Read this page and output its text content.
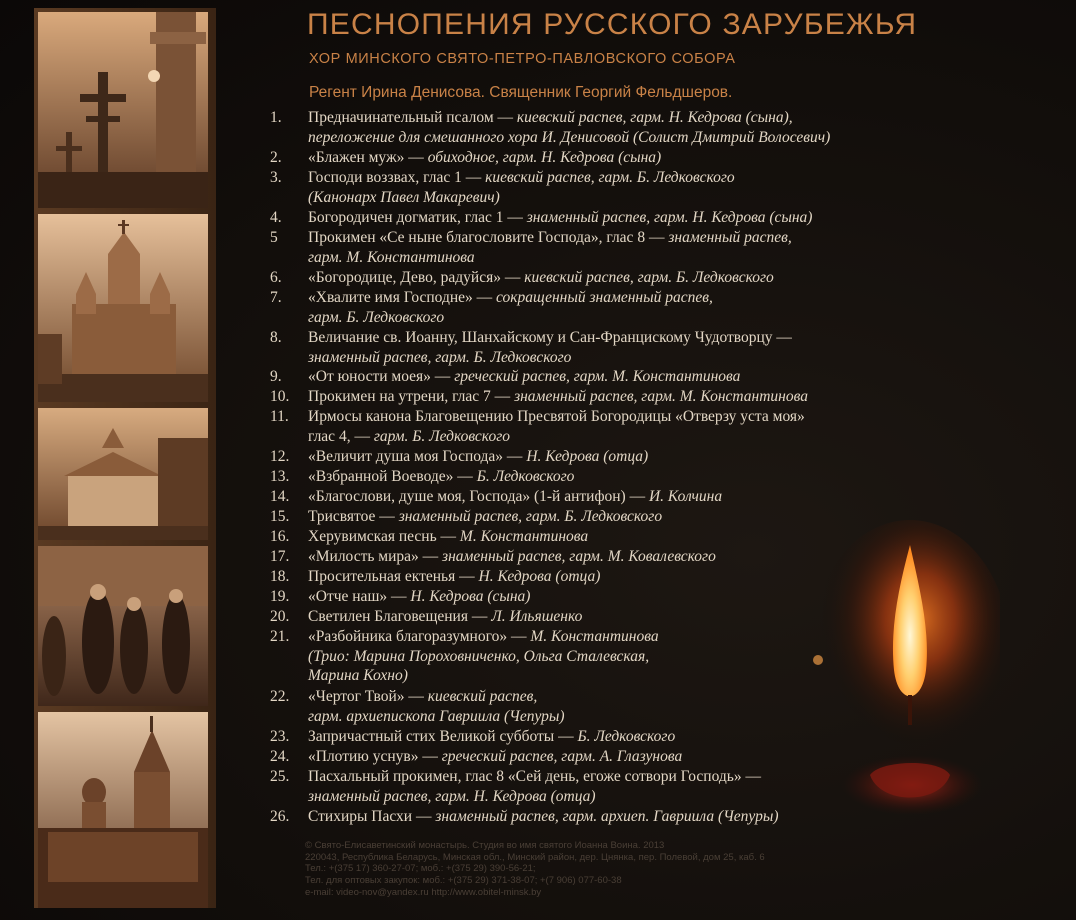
ПЕСНОПЕНИЯ РУССКОГО ЗАРУБЕЖЬЯ
ХОР МИНСКОГО СВЯТО-ПЕТРО-ПАВЛОВСКОГО СОБОРА
Регент Ирина Денисова. Священник Георгий Фельдшеров.
1.	Предначинательный псалом — киевский распев, гарм. Н. Кедрова (сына),
переложение для смешанного хора И. Денисовой (Солист Дмитрий Волосевич)
2.	«Блажен муж» — обиходное, гарм. Н. Кедрова (сына)
3.	Господи воззвах, глас 1 — киевский распев, гарм. Б. Ледковского
(Канонарх Павел Макаревич)
4.	Богородичен догматик, глас 1 — знаменный распев, гарм. Н. Кедрова (сына)
5	Прокимен «Се ныне благословите Господа», глас 8 — знаменный распев,
гарм. М. Константинова
6.	«Богородице, Дево, радуйся» — киевский распев, гарм. Б. Ледковского
7.	«Хвалите имя Господне» — сокращенный знаменный распев,
гарм. Б. Ледковского
8.	Величание св. Иоанну, Шанхайскому и Сан-Францискому Чудотворцу —
знаменный распев, гарм. Б. Ледковского
9.	«От юности моея» — греческий распев, гарм. М. Константинова
10.	Прокимен на утрени, глас 7 — знаменный распев, гарм. М. Константинова
11.	Ирмосы канона Благовещению Пресвятой Богородицы «Отверзу уста моя»
глас 4, — гарм. Б. Ледковского
12.	«Величит душа моя Господа» — Н. Кедрова (отца)
13.	«Взбранной Воеводе» — Б. Ледковского
14.	«Благослови, душе моя, Господа» (1-й антифон) — И. Колчина
15.	Трисвятое — знаменный распев, гарм. Б. Ледковского
16.	Херувимская песнь — М. Константинова
17.	«Милость мира» — знаменный распев, гарм. М. Ковалевского
18.	Просительная ектенья — Н. Кедрова (отца)
19.	«Отче наш» — Н. Кедрова (сына)
20.	Светилен Благовещения — Л. Ильяшенко
21.	«Разбойника благоразумного» — М. Константинова
(Трио: Марина Пороховниченко, Ольга Сталевская,
Марина Кохно)
22.	«Чертог Твой» — киевский распев,
гарм. архиепископа Гавриила (Чепуры)
23.	Запричастный стих Великой субботы — Б. Ледковского
24.	«Плотию уснув» — греческий распев, гарм. А. Глазунова
25.	Пасхальный прокимен, глас 8 «Сей день, егоже сотвори Господь» —
знаменный распев, гарм. Н. Кедрова (отца)
26.	Стихиры Пасхи — знаменный распев, гарм. архиеп. Гавриила (Чепуры)
© Свято-Елисаветинский монастырь. Студия во имя святого Иоанна Воина. 2013
220043, Республика Беларусь, Минская обл., Минский район, дер. Цнянка, пер. Полевой, дом 25, каб. 6
Тел.: +(375 17) 360-27-07; моб.: +(375 29) 390-56-21;
Тел. для оптовых закупок: моб.: +(375 29) 371-38-07; +(7 906) 077-60-38
e-mail: video-nov@yandex.ru http://www.obitel-minsk.by
